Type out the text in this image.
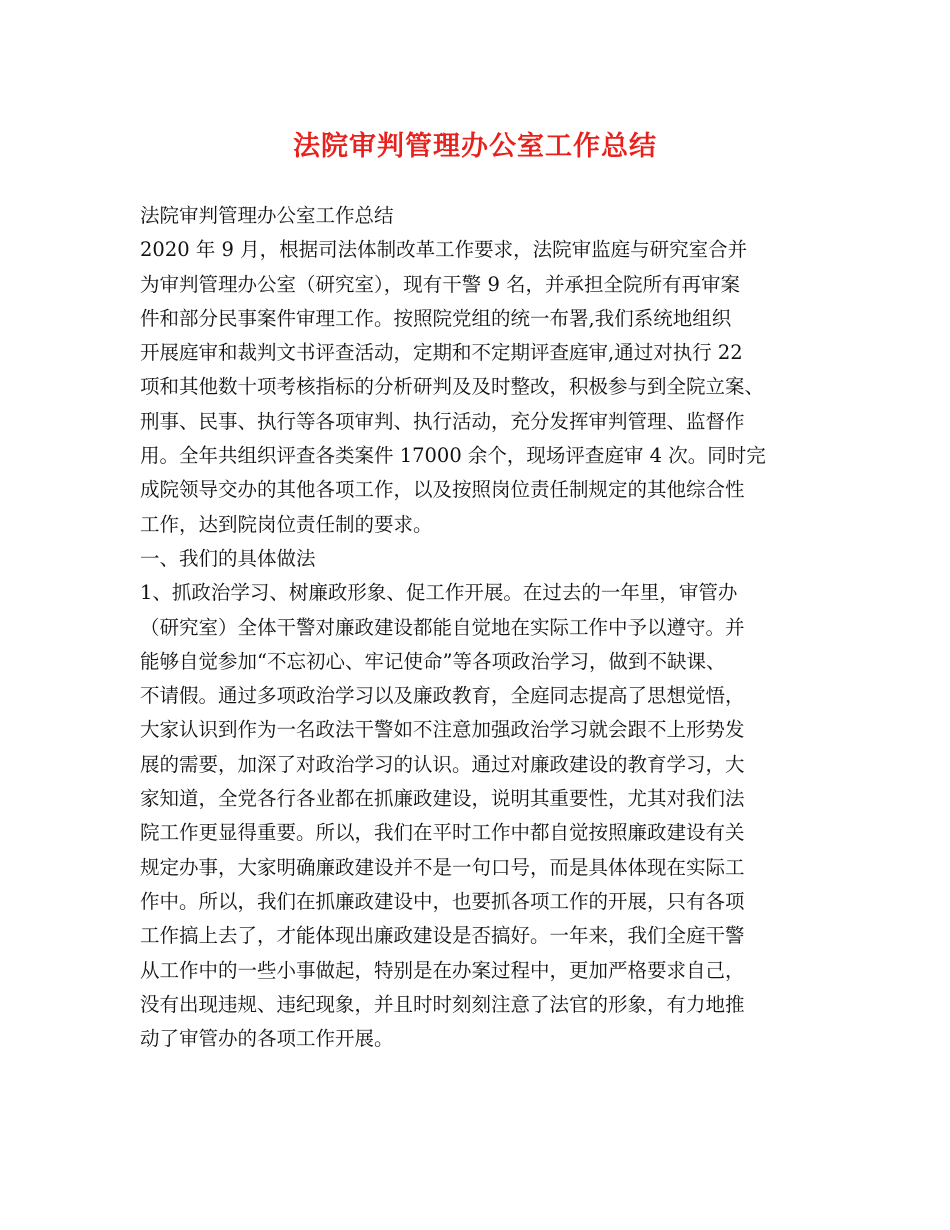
法院审判管理办公室工作总结
法院审判管理办公室工作总结
2020 年 9 月，根据司法体制改革工作要求，法院审监庭与研究室合并
为审判管理办公室（研究室），现有干警 9 名，并承担全院所有再审案
件和部分民事案件审理工作。按照院党组的统一布署,我们系统地组织
开展庭审和裁判文书评查活动，定期和不定期评查庭审,通过对执行 22
项和其他数十项考核指标的分析研判及及时整改，积极参与到全院立案、
刑事、民事、执行等各项审判、执行活动，充分发挥审判管理、监督作
用。全年共组织评查各类案件 17000 余个，现场评查庭审 4 次。同时完
成院领导交办的其他各项工作，以及按照岗位责任制规定的其他综合性
工作，达到院岗位责任制的要求。
一、我们的具体做法
1、抓政治学习、树廉政形象、促工作开展。在过去的一年里，审管办
（研究室）全体干警对廉政建设都能自觉地在实际工作中予以遵守。并
能够自觉参加“不忘初心、牢记使命”等各项政治学习，做到不缺课、
不请假。通过多项政治学习以及廉政教育，全庭同志提高了思想觉悟，
大家认识到作为一名政法干警如不注意加强政治学习就会跟不上形势发
展的需要，加深了对政治学习的认识。通过对廉政建设的教育学习，大
家知道，全党各行各业都在抓廉政建设，说明其重要性，尤其对我们法
院工作更显得重要。所以，我们在平时工作中都自觉按照廉政建设有关
规定办事，大家明确廉政建设并不是一句口号，而是具体体现在实际工
作中。所以，我们在抓廉政建设中，也要抓各项工作的开展，只有各项
工作搞上去了，才能体现出廉政建设是否搞好。一年来，我们全庭干警
从工作中的一些小事做起，特别是在办案过程中，更加严格要求自己，
没有出现违规、违纪现象，并且时时刻刻注意了法官的形象，有力地推
动了审管办的各项工作开展。
